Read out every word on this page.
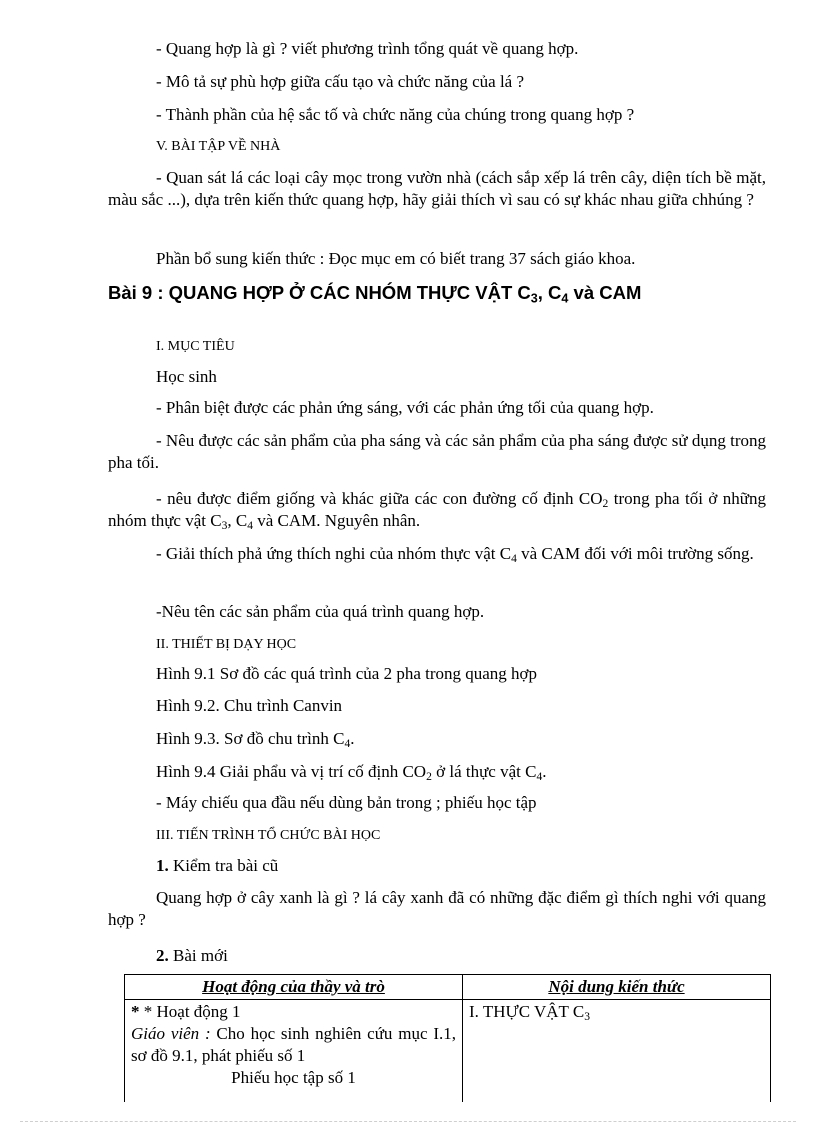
- Quang hợp là gì ? viết phương trình tổng quát về quang hợp.

- Mô tả sự phù hợp giữa cấu tạo và chức năng của lá ?

- Thành phần của hệ sắc tố và chức năng của chúng trong quang hợp ?

V. BÀI TẬP VỀ NHÀ

- Quan sát lá các loại cây mọc trong vườn nhà (cách sắp xếp lá trên cây, diện tích bề mặt, màu sắc ...), dựa trên kiến thức quang hợp, hãy giải thích vì sau có sự khác nhau giữa chhúng ?

Phần bổ sung kiến thức : Đọc mục em có biết trang 37 sách giáo khoa.

Bài 9 : QUANG HỢP Ở CÁC NHÓM THỰC VẬT $C_3$, $C_4$ và CAM

I. MỤC TIÊU

Học sinh

- Phân biệt được các phản ứng sáng, với các phản ứng tối của quang hợp.

- Nêu được các sản phẩm của pha sáng và các sản phẩm của pha sáng được sử dụng trong pha tối.

- nêu được điểm giống và khác giữa các con đường cố định $CO_2$ trong pha tối ở những nhóm thực vật $C_3$, $C_4$ và CAM. Nguyên nhân.

- Giải thích phả ứng thích nghi của nhóm thực vật $C_4$ và CAM đối với môi trường sống.

-Nêu tên các sản phẩm của quá trình quang hợp.

II. THIẾT BỊ DẠY HỌC

Hình 9.1 Sơ đồ các quá trình của 2 pha trong quang hợp

Hình 9.2. Chu trình Canvin

Hình 9.3. Sơ đồ chu trình $C_4$.

Hình 9.4 Giải phẩu và vị trí cố định $CO_2$ ở lá thực vật $C_4$.

- Máy chiếu qua đầu nếu dùng bản trong ; phiếu học tập

III. TIẾN TRÌNH TỔ CHỨC BÀI HỌC

1. Kiểm tra bài cũ

Quang hợp ở cây xanh là gì ? lá cây xanh đã có những đặc điểm gì thích nghi với quang hợp ?

2. Bài mới

Hoạt động của thầy và trò	Nội dung kiến thức

* * Hoạt động 1
Giáo viên : Cho học sinh nghiên cứu mục I.1, sơ đồ 9.1, phát phiếu số 1
Phiếu học tập số 1	I. THỰC VẬT $C_3$
